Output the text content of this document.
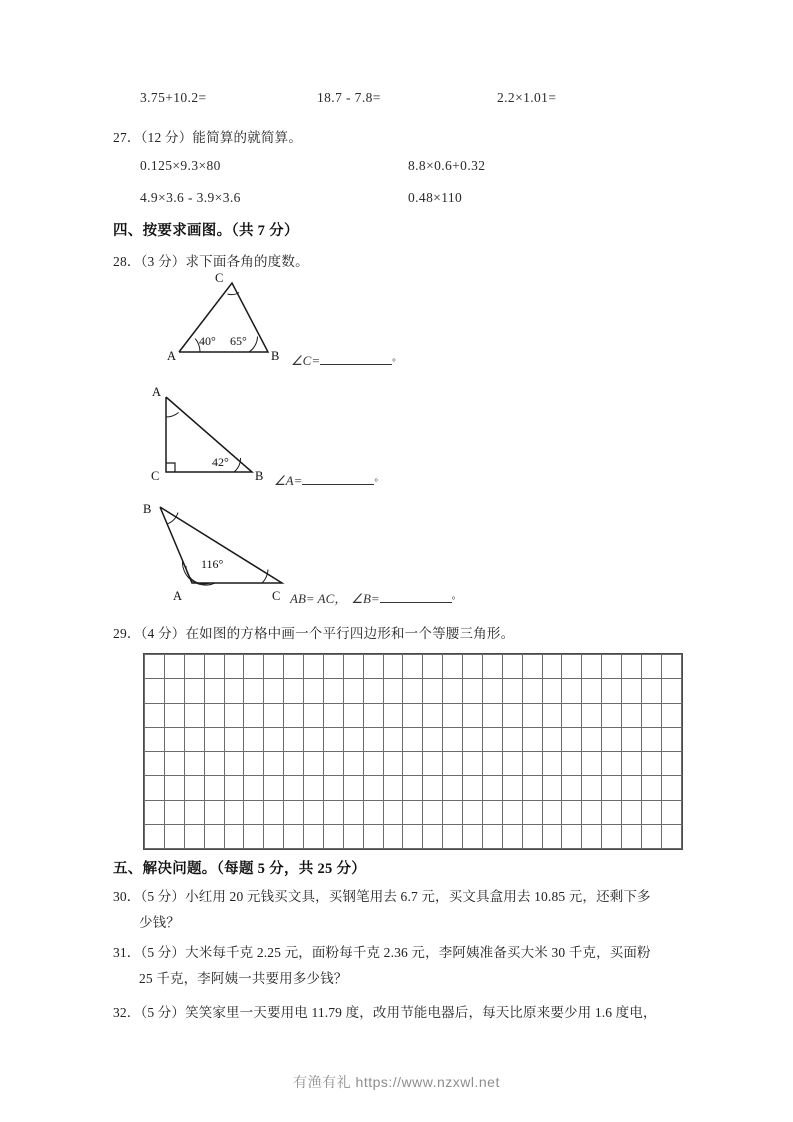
3.75+10.2=	18.7 - 7.8=	2.2×1.01=
27．（12 分）能简算的就简算。
0.125×9.3×80	8.8×0.6+0.32
4.9×3.6 - 3.9×3.6	0.48×110
四、按要求画图。（共 7 分）
28．（3 分）求下面各角的度数。
C
A	B
40° 65°
∠C=	°
A
C	B
42°
∠A=	°
B
A	C
116°
AB= AC， ∠B=	°
29．（4 分）在如图的方格中画一个平行四边形和一个等腰三角形。

五、解决问题。（每题 5 分，共 25 分）
30．（5 分）小红用 20 元钱买文具，买钢笔用去 6.7 元，买文具盒用去 10.85 元，还剩下多
少钱？
31．（5 分）大米每千克 2.25 元，面粉每千克 2.36 元，李阿姨准备买大米 30 千克，买面粉
25 千克，李阿姨一共要用多少钱？
32．（5 分）笑笑家里一天要用电 11.79 度，改用节能电器后，每天比原来要少用 1.6 度电，
有渔有礼 https://www.nzxwl.net
